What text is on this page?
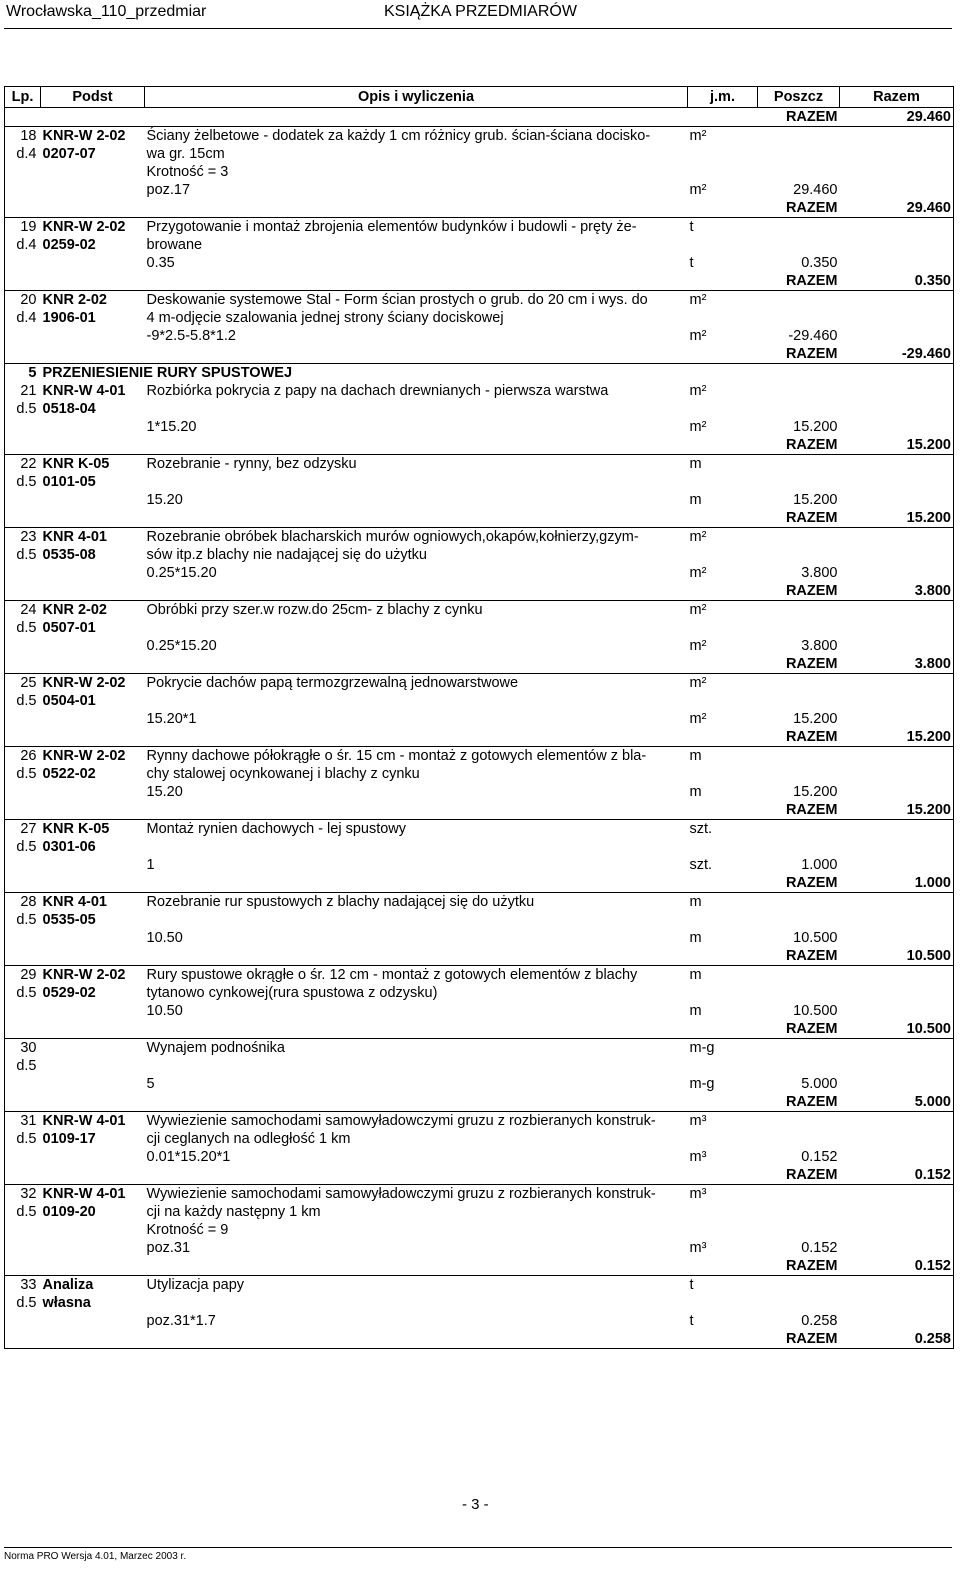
Wrocławska_110_przedmiar	KSIĄŻKA PRZEDMIARÓW
Lp.	Podst	Opis i wyliczenia	j.m.	Poszcz	Razem
				RAZEM	29.460
18	KNR-W 2-02	Ściany żelbetowe - dodatek za każdy 1 cm różnicy grub. ścian-ściana docisko-	m²		
d.4	0207-07	wa gr. 15cm			
		Krotność = 3			
		poz.17	m²	29.460	
				RAZEM	29.460
19	KNR-W 2-02	Przygotowanie i montaż zbrojenia elementów budynków i budowli - pręty że-	t		
d.4	0259-02	browane			
		0.35	t	0.350	
				RAZEM	0.350
20	KNR 2-02	Deskowanie systemowe Stal - Form ścian prostych o grub. do 20 cm i wys. do	m²		
d.4	1906-01	4 m-odjęcie szalowania jednej strony ściany dociskowej			
		-9*2.5-5.8*1.2	m²	-29.460	
				RAZEM	-29.460
5	PRZENIESIENIE RURY SPUSTOWEJ				
21	KNR-W 4-01	Rozbiórka pokrycia z papy na dachach drewnianych - pierwsza warstwa	m²		
d.5	0518-04				
		1*15.20	m²	15.200	
				RAZEM	15.200
22	KNR K-05	Rozebranie - rynny, bez odzysku	m		
d.5	0101-05				
		15.20	m	15.200	
				RAZEM	15.200
23	KNR 4-01	Rozebranie obróbek blacharskich murów ogniowych,okapów,kołnierzy,gzym-	m²		
d.5	0535-08	sów itp.z blachy nie nadającej się do użytku			
		0.25*15.20	m²	3.800	
				RAZEM	3.800
24	KNR 2-02	Obróbki przy szer.w rozw.do 25cm- z blachy z cynku	m²		
d.5	0507-01				
		0.25*15.20	m²	3.800	
				RAZEM	3.800
25	KNR-W 2-02	Pokrycie dachów papą termozgrzewalną jednowarstwowe	m²		
d.5	0504-01				
		15.20*1	m²	15.200	
				RAZEM	15.200
26	KNR-W 2-02	Rynny dachowe półokrągłe o śr. 15 cm - montaż z gotowych elementów z bla-	m		
d.5	0522-02	chy stalowej ocynkowanej i blachy z cynku			
		15.20	m	15.200	
				RAZEM	15.200
27	KNR K-05	Montaż rynien dachowych - lej spustowy	szt.		
d.5	0301-06				
		1	szt.	1.000	
				RAZEM	1.000
28	KNR 4-01	Rozebranie rur spustowych z blachy nadającej się do użytku	m		
d.5	0535-05				
		10.50	m	10.500	
				RAZEM	10.500
29	KNR-W 2-02	Rury spustowe okrągłe o śr. 12 cm - montaż z gotowych elementów z blachy	m		
d.5	0529-02	tytanowo cynkowej(rura spustowa z odzysku)			
		10.50	m	10.500	
				RAZEM	10.500
30		Wynajem podnośnika	m-g		
d.5					
		5	m-g	5.000	
				RAZEM	5.000
31	KNR-W 4-01	Wywiezienie samochodami samowyładowczymi gruzu z rozbieranych konstruk-	m³		
d.5	0109-17	cji ceglanych na odległość 1 km			
		0.01*15.20*1	m³	0.152	
				RAZEM	0.152
32	KNR-W 4-01	Wywiezienie samochodami samowyładowczymi gruzu z rozbieranych konstruk-	m³		
d.5	0109-20	cji na każdy następny 1 km			
		Krotność = 9			
		poz.31	m³	0.152	
				RAZEM	0.152
33	Analiza	Utylizacja papy	t		
d.5	własna				
		poz.31*1.7	t	0.258	
				RAZEM	0.258
- 3 -
Norma PRO Wersja 4.01, Marzec 2003 r.
